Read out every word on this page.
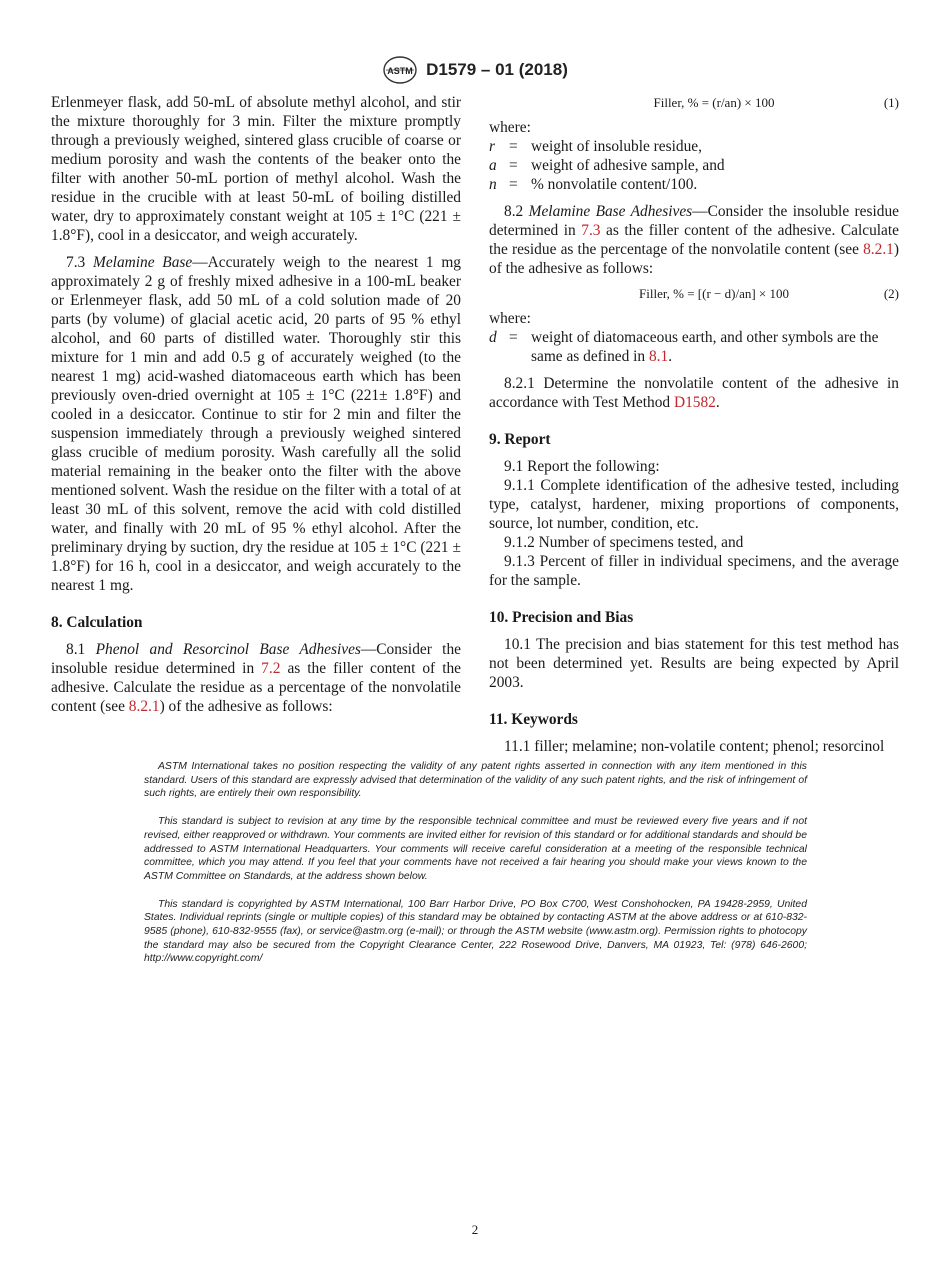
ASTM D1579 – 01 (2018)

Erlenmeyer flask, add 50-mL of absolute methyl alcohol, and stir the mixture thoroughly for 3 min. Filter the mixture promptly through a previously weighed, sintered glass crucible of coarse or medium porosity and wash the contents of the beaker onto the filter with another 50-mL portion of methyl alcohol. Wash the residue in the crucible with at least 50-mL of boiling distilled water, dry to approximately constant weight at 105 ± 1°C (221 ± 1.8°F), cool in a desiccator, and weigh accurately.

7.3 Melamine Base—Accurately weigh to the nearest 1 mg approximately 2 g of freshly mixed adhesive in a 100-mL beaker or Erlenmeyer flask, add 50 mL of a cold solution made of 20 parts (by volume) of glacial acetic acid, 20 parts of 95 % ethyl alcohol, and 60 parts of distilled water. Thoroughly stir this mixture for 1 min and add 0.5 g of accurately weighed (to the nearest 1 mg) acid-washed diatomaceous earth which has been previously oven-dried overnight at 105 ± 1°C (221± 1.8°F) and cooled in a desiccator. Continue to stir for 2 min and filter the suspension immediately through a previously weighed sintered glass crucible of medium porosity. Wash carefully all the solid material remaining in the beaker onto the filter with the above mentioned solvent. Wash the residue on the filter with a total of at least 30 mL of this solvent, remove the acid with cold distilled water, and finally with 20 mL of 95 % ethyl alcohol. After the preliminary drying by suction, dry the residue at 105 ± 1°C (221 ± 1.8°F) for 16 h, cool in a desiccator, and weigh accurately to the nearest 1 mg.

8. Calculation

8.1 Phenol and Resorcinol Base Adhesives—Consider the insoluble residue determined in 7.2 as the filler content of the adhesive. Calculate the residue as a percentage of the nonvolatile content (see 8.2.1) of the adhesive as follows:

Filler, % = (r/an) × 100	(1)

where:

r = weight of insoluble residue,
a = weight of adhesive sample, and
n = % nonvolatile content/100.

8.2 Melamine Base Adhesives—Consider the insoluble residue determined in 7.3 as the filler content of the adhesive. Calculate the residue as the percentage of the nonvolatile content (see 8.2.1) of the adhesive as follows:

Filler, % = [(r − d)/an] × 100	(2)

where:

d = weight of diatomaceous earth, and other symbols are the same as defined in 8.1.

8.2.1 Determine the nonvolatile content of the adhesive in accordance with Test Method D1582.

9. Report

9.1 Report the following:

9.1.1 Complete identification of the adhesive tested, including type, catalyst, hardener, mixing proportions of components, source, lot number, condition, etc.

9.1.2 Number of specimens tested, and

9.1.3 Percent of filler in individual specimens, and the average for the sample.

10. Precision and Bias

10.1 The precision and bias statement for this test method has not been determined yet. Results are being expected by April 2003.

11. Keywords

11.1 filler; melamine; non-volatile content; phenol; resorcinol

ASTM International takes no position respecting the validity of any patent rights asserted in connection with any item mentioned in this standard. Users of this standard are expressly advised that determination of the validity of any such patent rights, and the risk of infringement of such rights, are entirely their own responsibility.

This standard is subject to revision at any time by the responsible technical committee and must be reviewed every five years and if not revised, either reapproved or withdrawn. Your comments are invited either for revision of this standard or for additional standards and should be addressed to ASTM International Headquarters. Your comments will receive careful consideration at a meeting of the responsible technical committee, which you may attend. If you feel that your comments have not received a fair hearing you should make your views known to the ASTM Committee on Standards, at the address shown below.

This standard is copyrighted by ASTM International, 100 Barr Harbor Drive, PO Box C700, West Conshohocken, PA 19428-2959, United States. Individual reprints (single or multiple copies) of this standard may be obtained by contacting ASTM at the above address or at 610-832-9585 (phone), 610-832-9555 (fax), or service@astm.org (e-mail); or through the ASTM website (www.astm.org). Permission rights to photocopy the standard may also be secured from the Copyright Clearance Center, 222 Rosewood Drive, Danvers, MA 01923, Tel: (978) 646-2600; http://www.copyright.com/

2
